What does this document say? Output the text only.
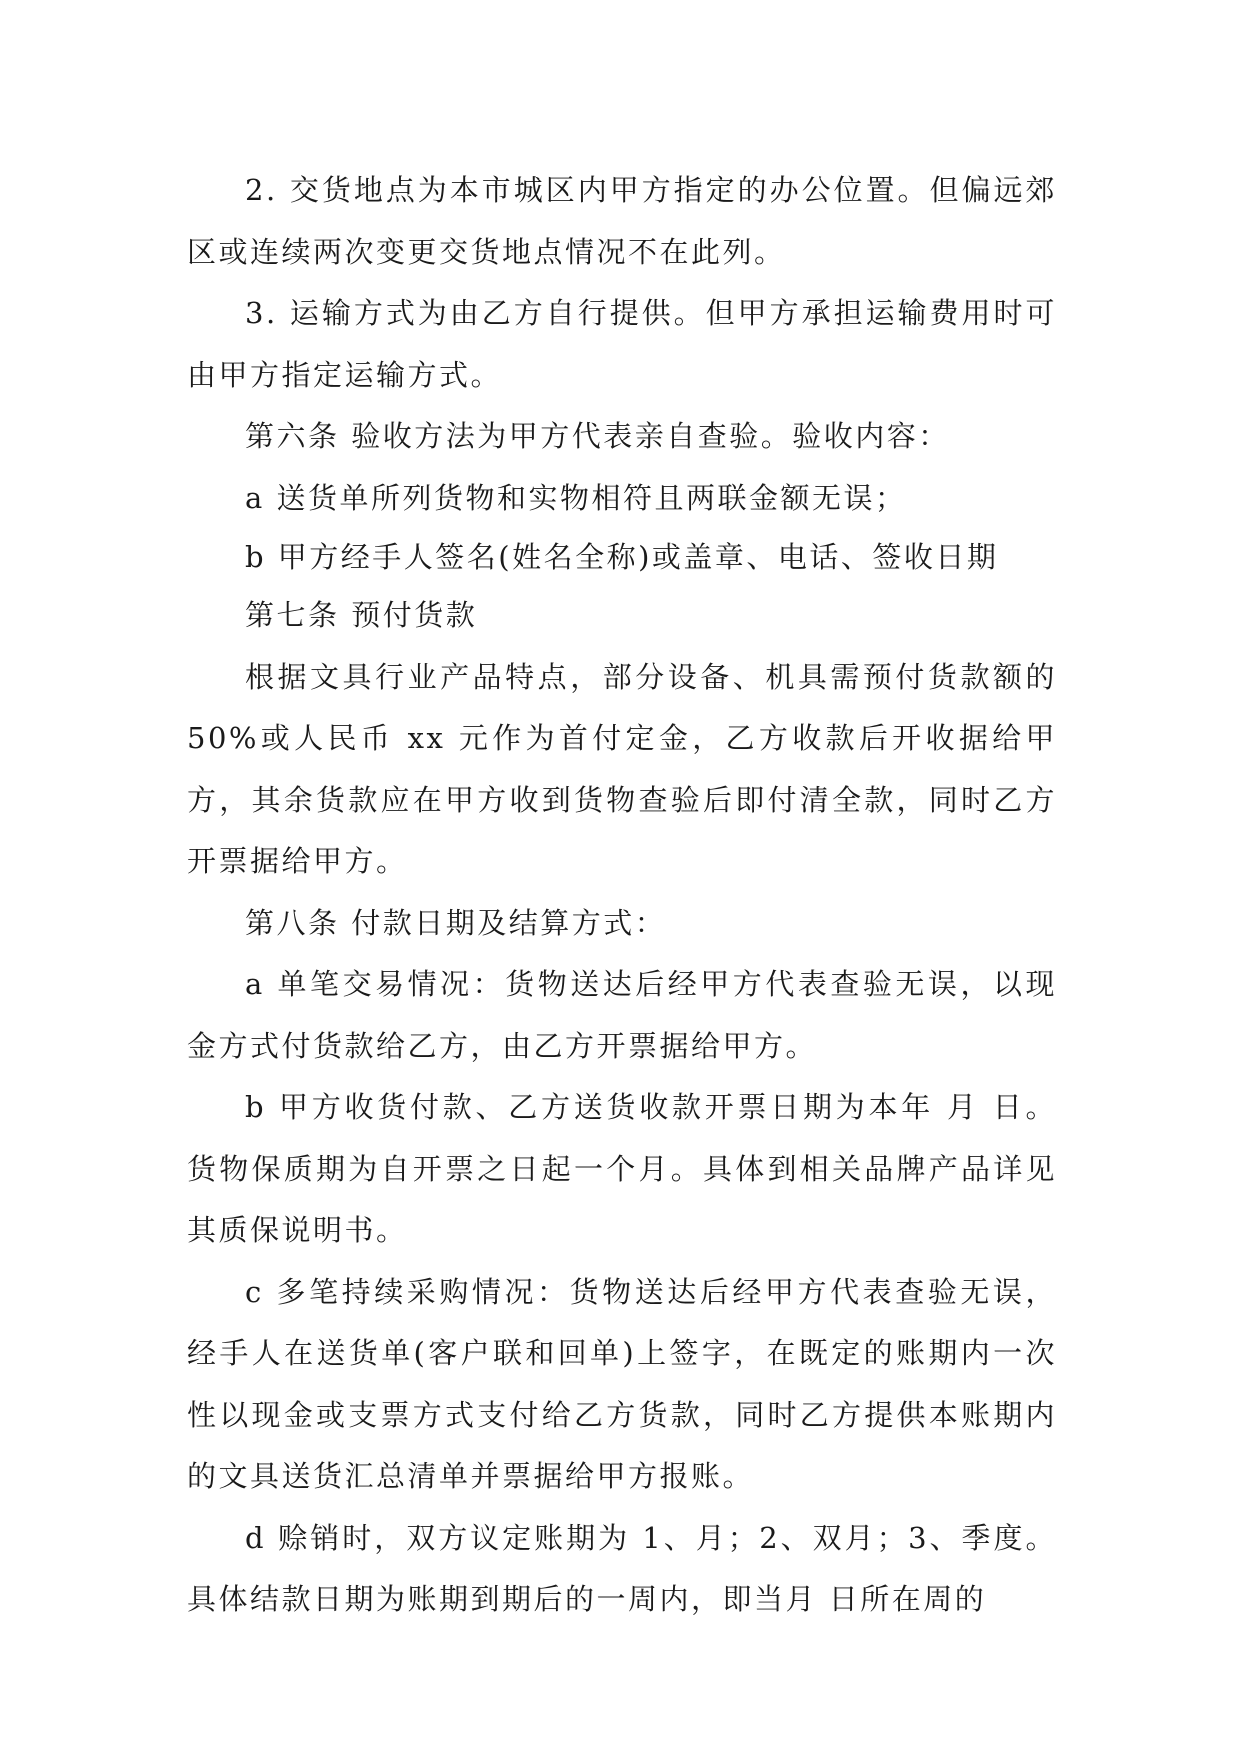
2. 交货地点为本市城区内甲方指定的办公位置。但偏远郊区或连续两次变更交货地点情况不在此列。

3. 运输方式为由乙方自行提供。但甲方承担运输费用时可由甲方指定运输方式。

第六条 验收方法为甲方代表亲自查验。验收内容：

a 送货单所列货物和实物相符且两联金额无误；

b 甲方经手人签名(姓名全称)或盖章、电话、签收日期

第七条 预付货款

根据文具行业产品特点，部分设备、机具需预付货款额的 50%或人民币 xx 元作为首付定金，乙方收款后开收据给甲方，其余货款应在甲方收到货物查验后即付清全款，同时乙方开票据给甲方。

第八条 付款日期及结算方式：

a 单笔交易情况：货物送达后经甲方代表查验无误，以现金方式付货款给乙方，由乙方开票据给甲方。

b 甲方收货付款、乙方送货收款开票日期为本年 月 日。货物保质期为自开票之日起一个月。具体到相关品牌产品详见其质保说明书。

c 多笔持续采购情况：货物送达后经甲方代表查验无误，经手人在送货单(客户联和回单)上签字，在既定的账期内一次性以现金或支票方式支付给乙方货款，同时乙方提供本账期内的文具送货汇总清单并票据给甲方报账。

d 赊销时，双方议定账期为 1、月；2、双月；3、季度。具体结款日期为账期到期后的一周内，即当月 日所在周的
